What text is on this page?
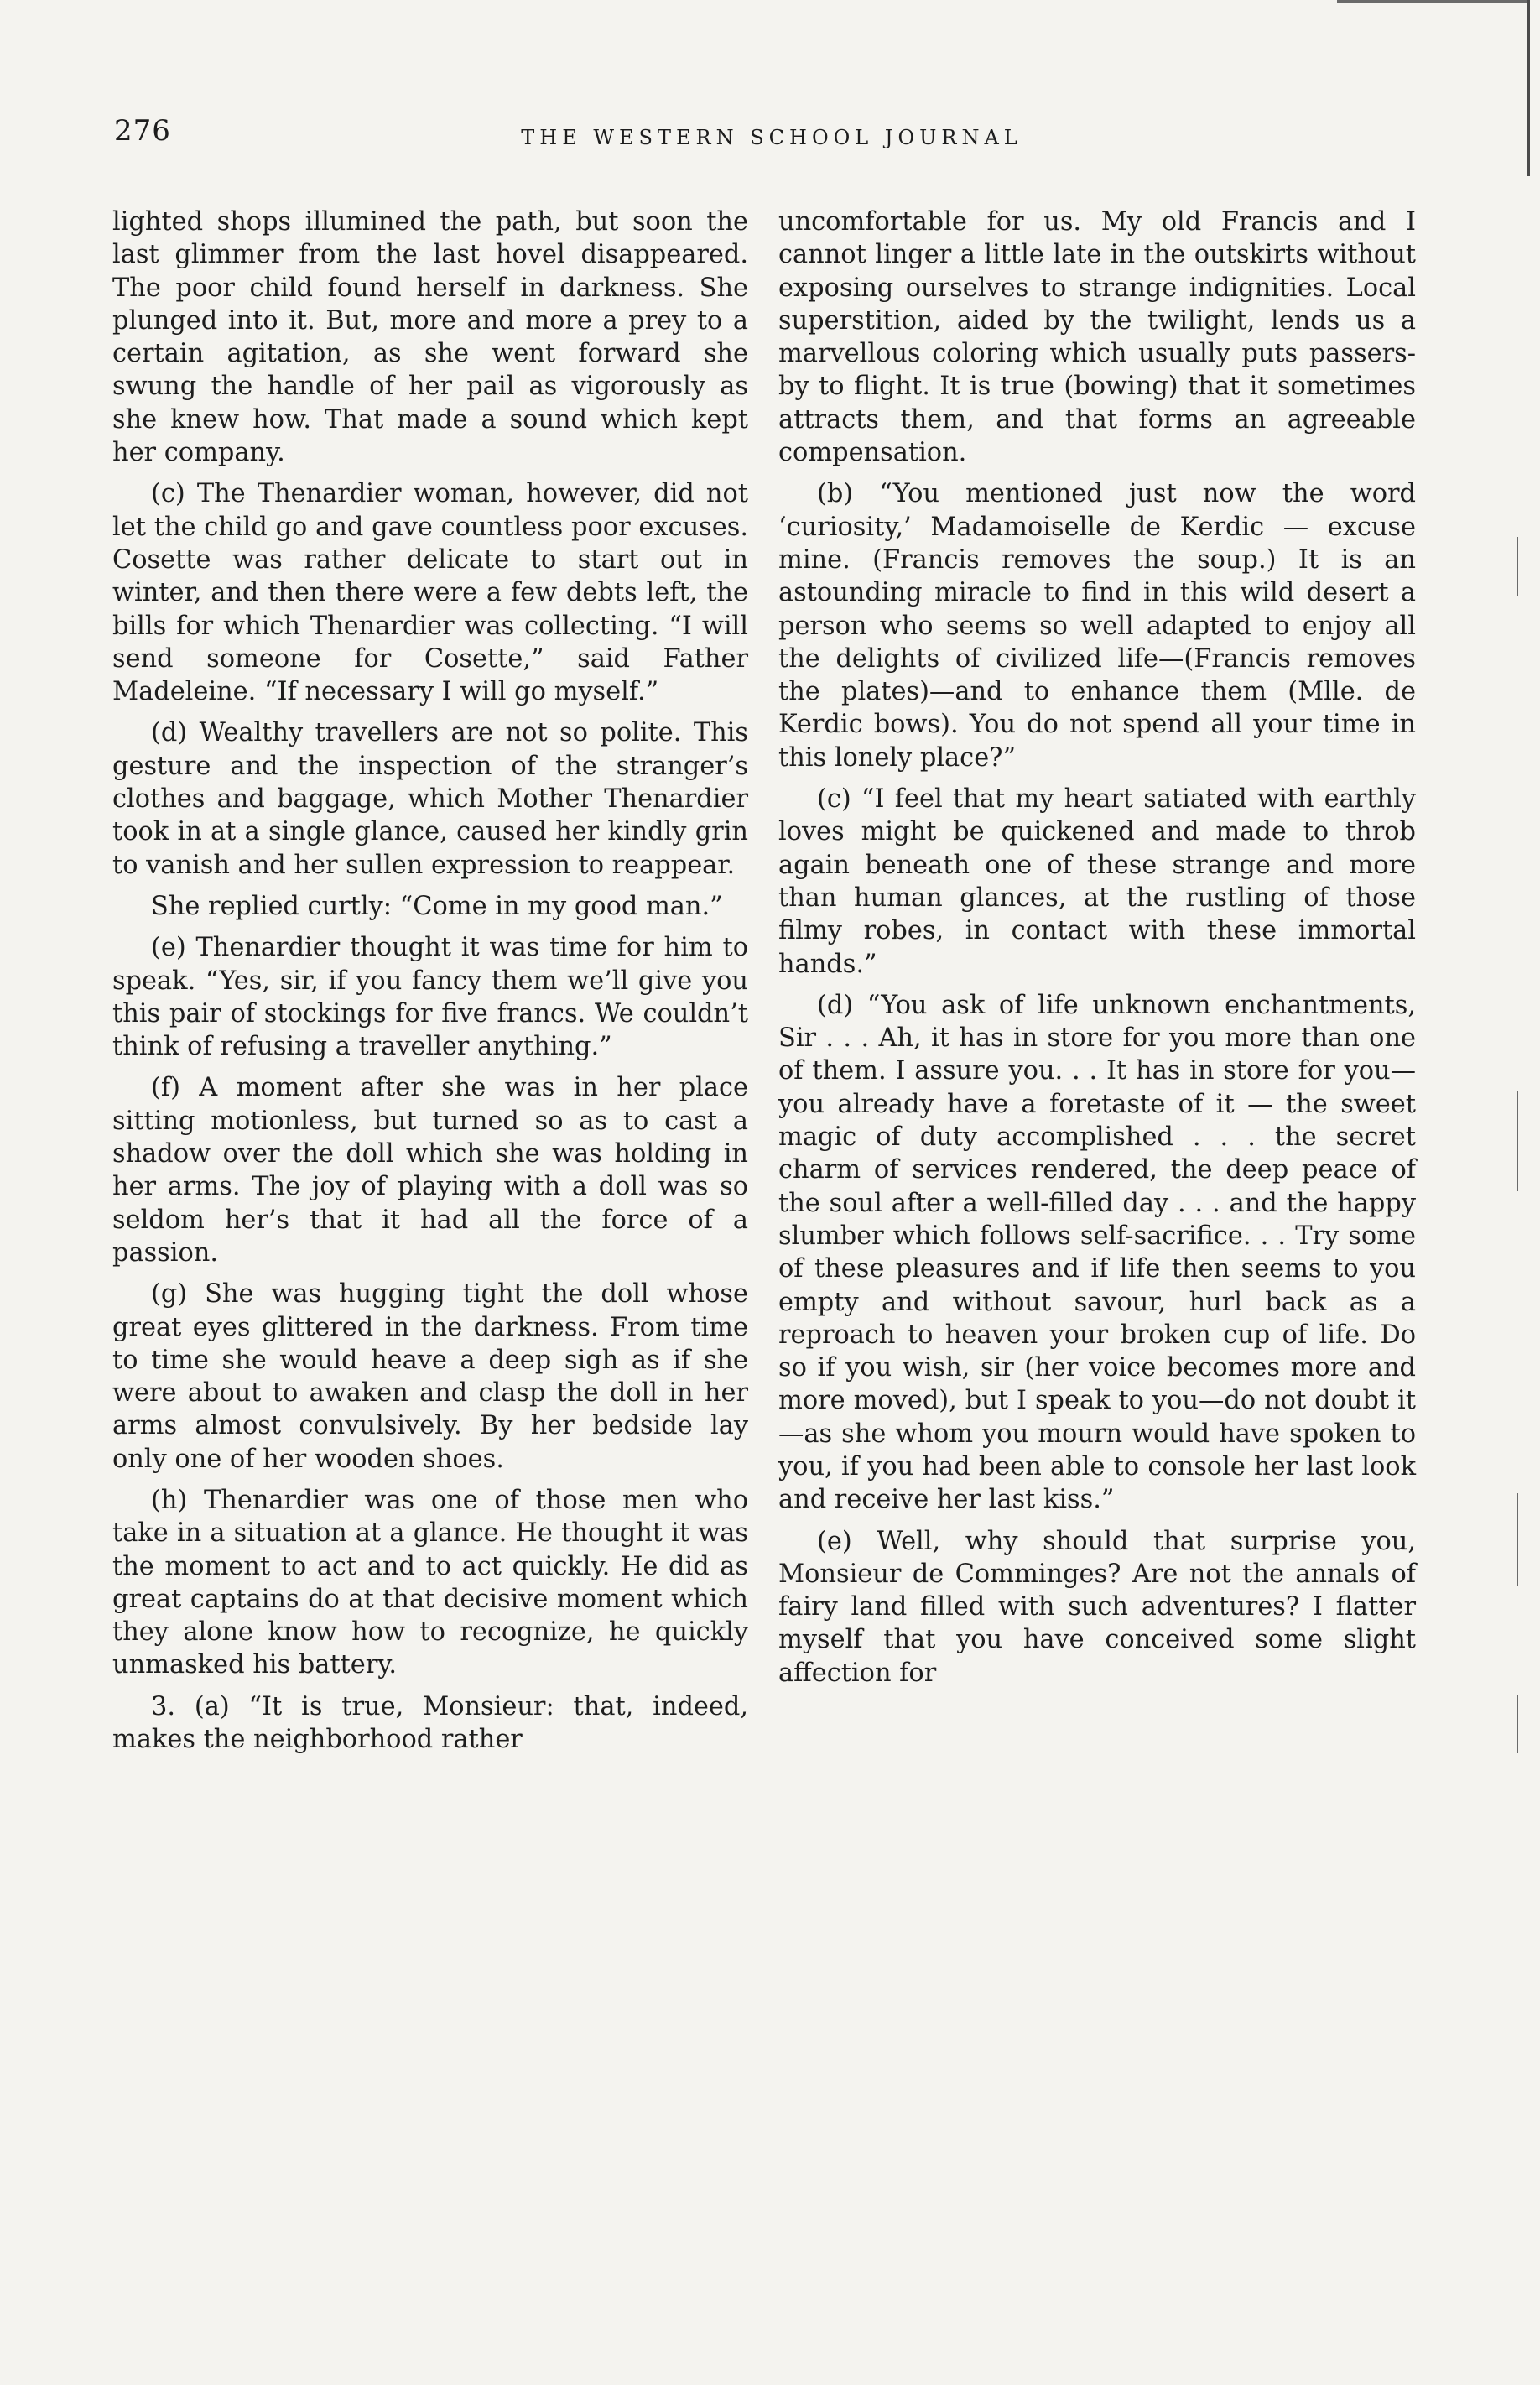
276	THE WESTERN SCHOOL JOURNAL

lighted shops illumined the path, but soon the last glimmer from the last hovel disappeared. The poor child found herself in darkness. She plunged into it. But, more and more a prey to a certain agitation, as she went forward she swung the handle of her pail as vigorously as she knew how. That made a sound which kept her company.

(c) The Thenardier woman, however, did not let the child go and gave countless poor excuses. Cosette was rather delicate to start out in winter, and then there were a few debts left, the bills for which Thenardier was collecting. “I will send someone for Cosette,” said Father Madeleine. “If necessary I will go myself.”

(d) Wealthy travellers are not so polite. This gesture and the inspection of the stranger’s clothes and baggage, which Mother Thenardier took in at a single glance, caused her kindly grin to vanish and her sullen expression to reappear.

She replied curtly: “Come in my good man.”

(e) Thenardier thought it was time for him to speak. “Yes, sir, if you fancy them we’ll give you this pair of stockings for five francs. We couldn’t think of refusing a traveller anything.”

(f) A moment after she was in her place sitting motionless, but turned so as to cast a shadow over the doll which she was holding in her arms. The joy of playing with a doll was so seldom her’s that it had all the force of a passion.

(g) She was hugging tight the doll whose great eyes glittered in the darkness. From time to time she would heave a deep sigh as if she were about to awaken and clasp the doll in her arms almost convulsively. By her bedside lay only one of her wooden shoes.

(h) Thenardier was one of those men who take in a situation at a glance. He thought it was the moment to act and to act quickly. He did as great captains do at that decisive moment which they alone know how to recognize, he quickly unmasked his battery.

3. (a) “It is true, Monsieur: that, indeed, makes the neighborhood rather

uncomfortable for us. My old Francis and I cannot linger a little late in the outskirts without exposing ourselves to strange indignities. Local superstition, aided by the twilight, lends us a marvellous coloring which usually puts passers-by to flight. It is true (bowing) that it sometimes attracts them, and that forms an agreeable compensation.

(b) “You mentioned just now the word ‘curiosity,’ Madamoiselle de Kerdic — excuse mine. (Francis removes the soup.) It is an astounding miracle to find in this wild desert a person who seems so well adapted to enjoy all the delights of civilized life—(Francis removes the plates)—and to enhance them (Mlle. de Kerdic bows). You do not spend all your time in this lonely place?”

(c) “I feel that my heart satiated with earthly loves might be quickened and made to throb again beneath one of these strange and more than human glances, at the rustling of those filmy robes, in contact with these immortal hands.”

(d) “You ask of life unknown enchantments, Sir . . . Ah, it has in store for you more than one of them. I assure you. . . It has in store for you—you already have a foretaste of it — the sweet magic of duty accomplished . . . the secret charm of services rendered, the deep peace of the soul after a well-filled day . . . and the happy slumber which follows self-sacrifice. . . Try some of these pleasures and if life then seems to you empty and without savour, hurl back as a reproach to heaven your broken cup of life. Do so if you wish, sir (her voice becomes more and more moved), but I speak to you—do not doubt it—as she whom you mourn would have spoken to you, if you had been able to console her last look and receive her last kiss.”

(e) Well, why should that surprise you, Monsieur de Comminges? Are not the annals of fairy land filled with such adventures? I flatter myself that you have conceived some slight affection for
